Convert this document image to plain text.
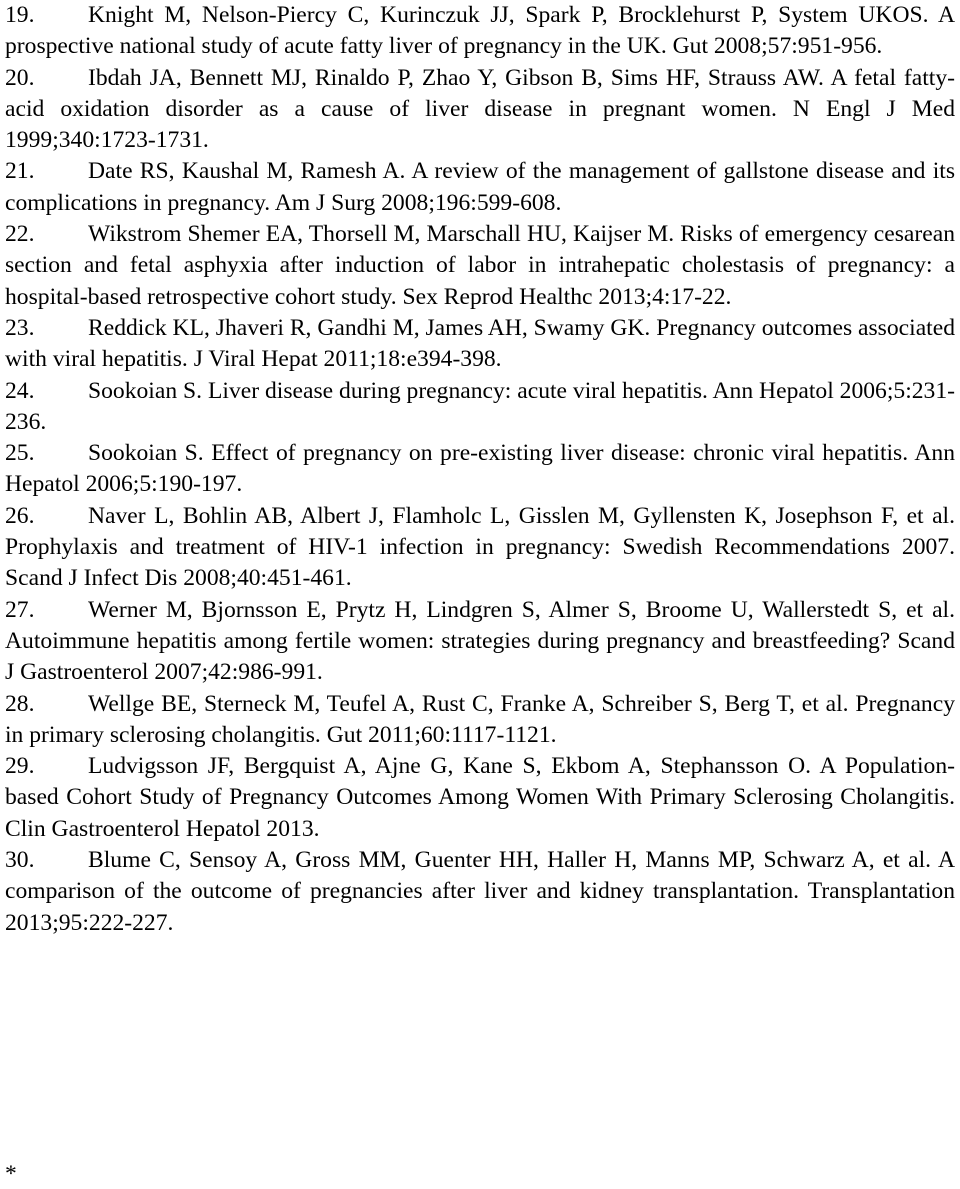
19. Knight M, Nelson-Piercy C, Kurinczuk JJ, Spark P, Brocklehurst P, System UKOS. A prospective national study of acute fatty liver of pregnancy in the UK. Gut 2008;57:951-956.

20. Ibdah JA, Bennett MJ, Rinaldo P, Zhao Y, Gibson B, Sims HF, Strauss AW. A fetal fatty-acid oxidation disorder as a cause of liver disease in pregnant women. N Engl J Med 1999;340:1723-1731.

21. Date RS, Kaushal M, Ramesh A. A review of the management of gallstone disease and its complications in pregnancy. Am J Surg 2008;196:599-608.

22. Wikstrom Shemer EA, Thorsell M, Marschall HU, Kaijser M. Risks of emergency cesarean section and fetal asphyxia after induction of labor in intrahepatic cholestasis of pregnancy: a hospital-based retrospective cohort study. Sex Reprod Healthc 2013;4:17-22.

23. Reddick KL, Jhaveri R, Gandhi M, James AH, Swamy GK. Pregnancy outcomes associated with viral hepatitis. J Viral Hepat 2011;18:e394-398.

24. Sookoian S. Liver disease during pregnancy: acute viral hepatitis. Ann Hepatol 2006;5:231-236.

25. Sookoian S. Effect of pregnancy on pre-existing liver disease: chronic viral hepatitis. Ann Hepatol 2006;5:190-197.

26. Naver L, Bohlin AB, Albert J, Flamholc L, Gisslen M, Gyllensten K, Josephson F, et al. Prophylaxis and treatment of HIV-1 infection in pregnancy: Swedish Recommendations 2007. Scand J Infect Dis 2008;40:451-461.

27. Werner M, Bjornsson E, Prytz H, Lindgren S, Almer S, Broome U, Wallerstedt S, et al. Autoimmune hepatitis among fertile women: strategies during pregnancy and breastfeeding? Scand J Gastroenterol 2007;42:986-991.

28. Wellge BE, Sterneck M, Teufel A, Rust C, Franke A, Schreiber S, Berg T, et al. Pregnancy in primary sclerosing cholangitis. Gut 2011;60:1117-1121.

29. Ludvigsson JF, Bergquist A, Ajne G, Kane S, Ekbom A, Stephansson O. A Population-based Cohort Study of Pregnancy Outcomes Among Women With Primary Sclerosing Cholangitis. Clin Gastroenterol Hepatol 2013.

30. Blume C, Sensoy A, Gross MM, Guenter HH, Haller H, Manns MP, Schwarz A, et al. A comparison of the outcome of pregnancies after liver and kidney transplantation. Transplantation 2013;95:222-227.

*
